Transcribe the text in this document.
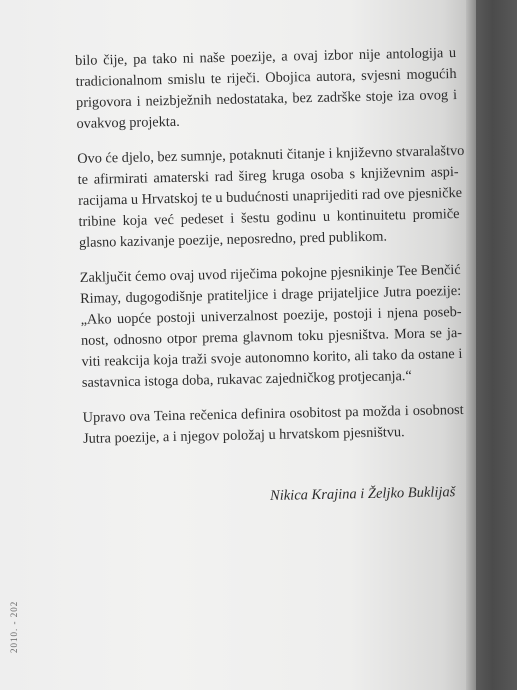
2010. - 202

bilo čije, pa tako ni naše poezije, a ovaj izbor nije antologija u
tradicionalnom smislu te riječi. Obojica autora, svjesni mogućih
prigovora i neizbježnih nedostataka, bez zadrške stoje iza ovog i
ovakvog projekta.

Ovo će djelo, bez sumnje, potaknuti čitanje i književno stvaralaštvo
te afirmirati amaterski rad šireg kruga osoba s književnim aspi-
racijama u Hrvatskoj te u budućnosti unaprijediti rad ove pjesničke
tribine koja već pedeset i šestu godinu u kontinuitetu promiče
glasno kazivanje poezije, neposredno, pred publikom.

Zaključit ćemo ovaj uvod riječima pokojne pjesnikinje Tee Benčić
Rimay, dugogodišnje pratiteljice i drage prijateljice Jutra poezije:
„Ako uopće postoji univerzalnost poezije, postoji i njena poseb-
nost, odnosno otpor prema glavnom toku pjesništva. Mora se ja-
viti reakcija koja traži svoje autonomno korito, ali tako da ostane i
sastavnica istoga doba, rukavac zajedničkog protjecanja.“

Upravo ova Teina rečenica definira osobitost pa možda i osobnost
Jutra poezije, a i njegov položaj u hrvatskom pjesništvu.

Nikica Krajina i Željko Buklijaš
